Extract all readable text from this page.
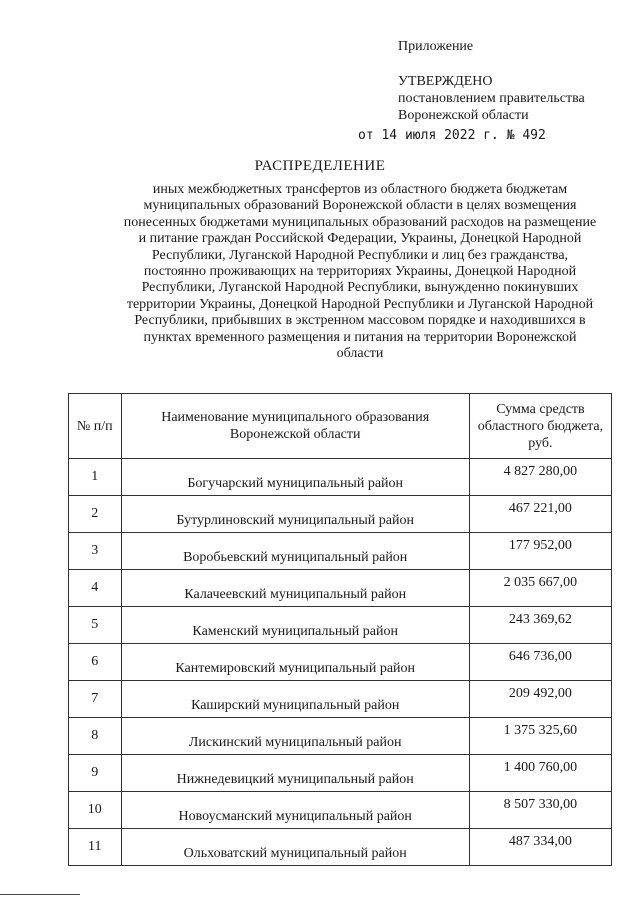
Приложение
УТВЕРЖДЕНО
постановлением правительства
Воронежской области
от 14 июля 2022 г. № 492
РАСПРЕДЕЛЕНИЕ
иных межбюджетных трансфертов из областного бюджета бюджетам муниципальных образований Воронежской области в целях возмещения понесенных бюджетами муниципальных образований расходов на размещение и питание граждан Российской Федерации, Украины, Донецкой Народной Республики, Луганской Народной Республики и лиц без гражданства, постоянно проживающих на территориях Украины, Донецкой Народной Республики, Луганской Народной Республики, вынужденно покинувших территории Украины, Донецкой Народной Республики и Луганской Народной Республики, прибывших в экстренном массовом порядке и находившихся в пунктах временного размещения и питания на территории Воронежской области
№ п/п	Наименование муниципального образования Воронежской области	Сумма средств областного бюджета, руб.
1	Богучарский муниципальный район	4 827 280,00
2	Бутурлиновский муниципальный район	467 221,00
3	Воробьевский муниципальный район	177 952,00
4	Калачеевский муниципальный район	2 035 667,00
5	Каменский муниципальный район	243 369,62
6	Кантемировский муниципальный район	646 736,00
7	Каширский муниципальный район	209 492,00
8	Лискинский муниципальный район	1 375 325,60
9	Нижнедевицкий муниципальный район	1 400 760,00
10	Новоусманский муниципальный район	8 507 330,00
11	Ольховатский муниципальный район	487 334,00
